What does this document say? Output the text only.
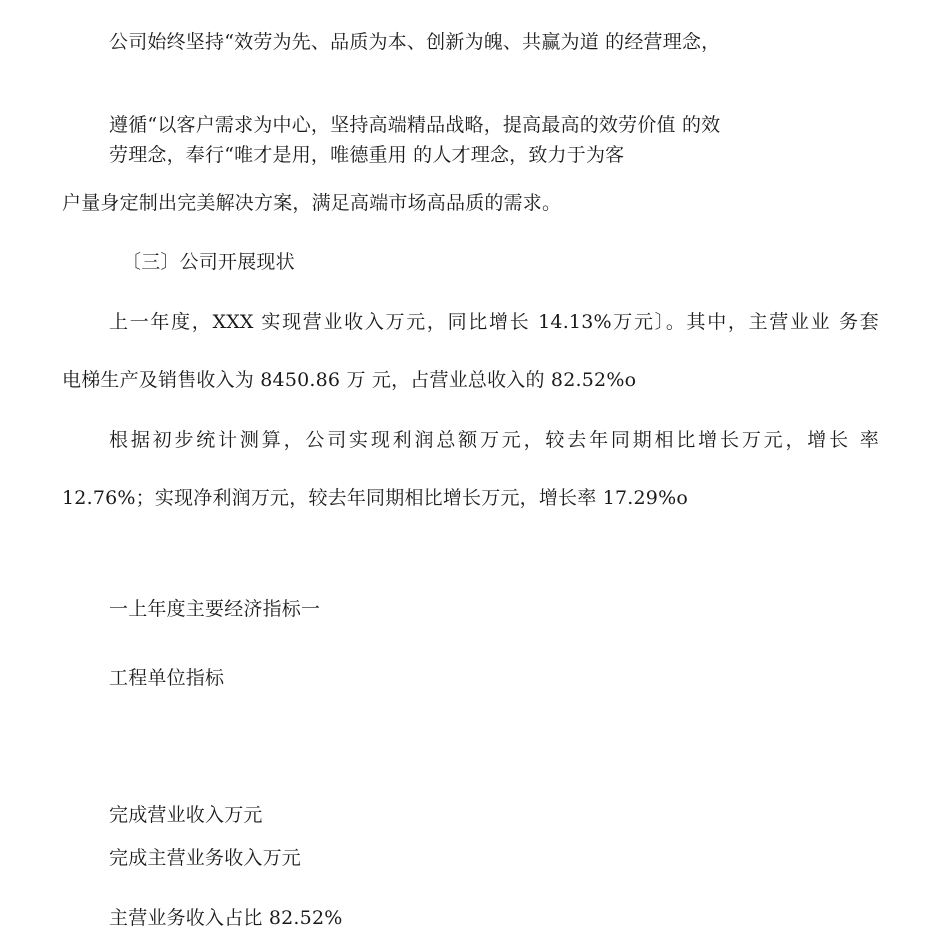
公司始终坚持“效劳为先、品质为本、创新为魄、共赢为道 的经营理念，
遵循“以客户需求为中心，坚持高端精品战略，提高最高的效劳价值 的效
劳理念，奉行“唯才是用，唯德重用 的人才理念，致力于为客
户量身定制出完美解决方案，满足高端市场高品质的需求。
〔三〕公司开展现状
上一年度，XXX 实现营业收入万元，同比增长 14.13%万元〕。其中，主营业业 务套
电梯生产及销售收入为 8450.86 万 元，占营业总收入的 82.52%o
根据初步统计测算，公司实现利润总额万元，较去年同期相比增长万元，增长 率
12.76%；实现净利润万元，较去年同期相比增长万元，增长率 17.29%o
一上年度主要经济指标一
工程单位指标
完成营业收入万元
完成主营业务收入万元
主营业务收入占比 82.52%
